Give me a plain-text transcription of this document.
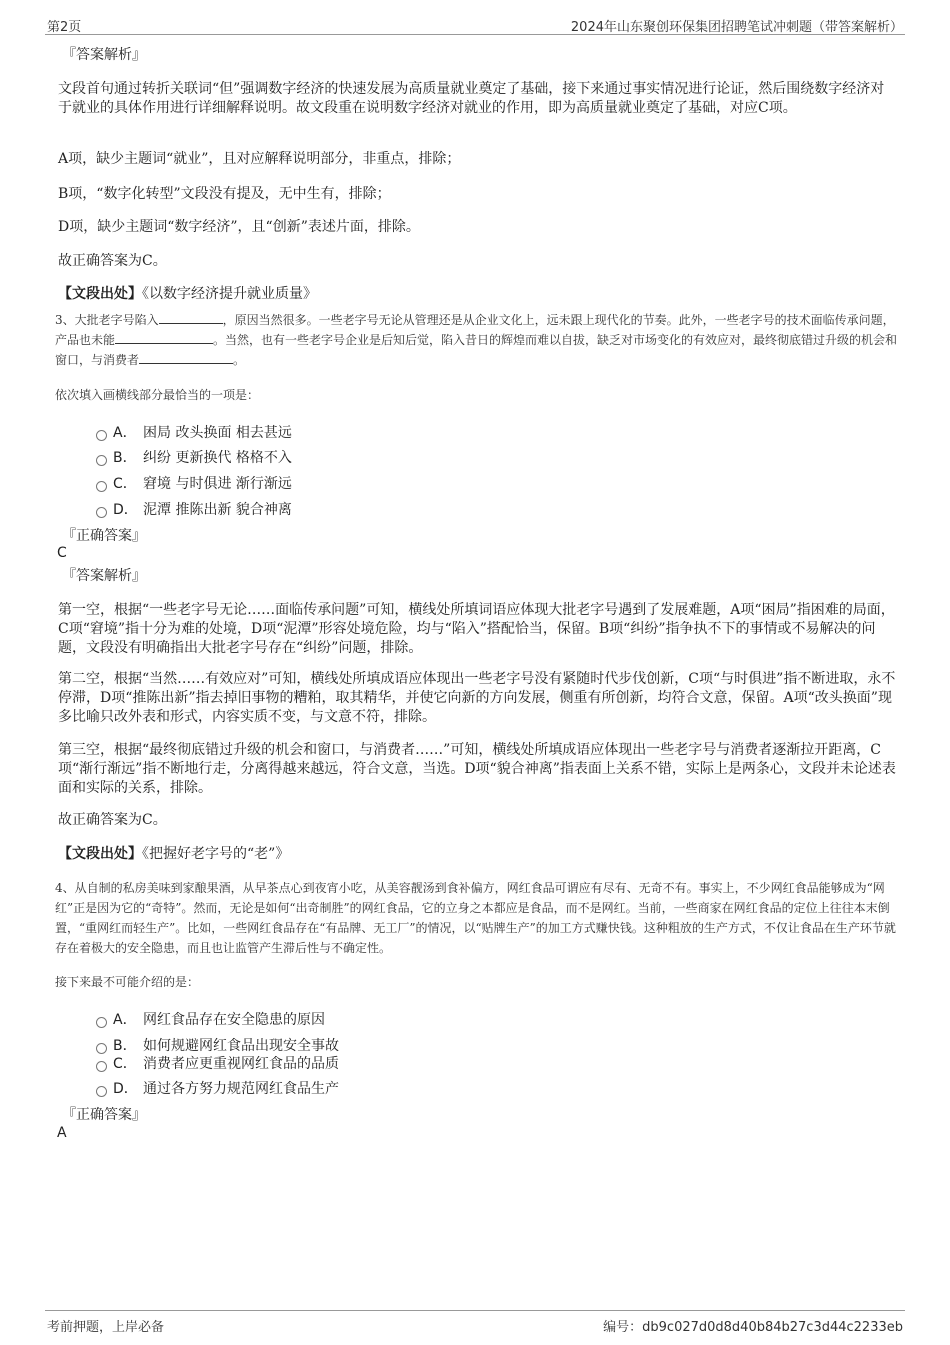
第2页	2024年山东聚创环保集团招聘笔试冲刺题（带答案解析）

『答案解析』

文段首句通过转折关联词“但”强调数字经济的快速发展为高质量就业奠定了基础，接下来通过事实情况进行论证，然后围绕数字经济对于就业的具体作用进行详细解释说明。故文段重在说明数字经济对就业的作用，即为高质量就业奠定了基础，对应C项。

A项，缺少主题词“就业”，且对应解释说明部分，非重点，排除；

B项，“数字化转型”文段没有提及，无中生有，排除；

D项，缺少主题词“数字经济”，且“创新”表述片面，排除。

故正确答案为C。

【文段出处】《以数字经济提升就业质量》

3、大批老字号陷入	，原因当然很多。一些老字号无论从管理还是从企业文化上，远未跟上现代化的节奏。此外，一些老字号的技术面临传承问题，产品也未能	。当然，也有一些老字号企业是后知后觉，陷入昔日的辉煌而难以自拔，缺乏对市场变化的有效应对，最终彻底错过升级的机会和窗口，与消费者	。

依次填入画横线部分最恰当的一项是：

A． 困局 改头换面 相去甚远
B． 纠纷 更新换代 格格不入
C． 窘境 与时俱进 渐行渐远
D． 泥潭 推陈出新 貌合神离

『正确答案』

C

『答案解析』

第一空，根据“一些老字号无论……面临传承问题”可知，横线处所填词语应体现大批老字号遇到了发展难题，A项“困局”指困难的局面，C项“窘境”指十分为难的处境，D项“泥潭”形容处境危险，均与“陷入”搭配恰当，保留。B项“纠纷”指争执不下的事情或不易解决的问题，文段没有明确指出大批老字号存在“纠纷”问题，排除。

第二空，根据“当然……有效应对”可知，横线处所填成语应体现出一些老字号没有紧随时代步伐创新，C项“与时俱进”指不断进取，永不停滞，D项“推陈出新”指去掉旧事物的糟粕，取其精华，并使它向新的方向发展，侧重有所创新，均符合文意，保留。A项“改头换面”现多比喻只改外表和形式，内容实质不变，与文意不符，排除。

第三空，根据“最终彻底错过升级的机会和窗口，与消费者……”可知，横线处所填成语应体现出一些老字号与消费者逐渐拉开距离，C项“渐行渐远”指不断地行走，分离得越来越远，符合文意，当选。D项“貌合神离”指表面上关系不错，实际上是两条心，文段并未论述表面和实际的关系，排除。

故正确答案为C。

【文段出处】《把握好老字号的“老”》

4、从自制的私房美味到家酿果酒，从早茶点心到夜宵小吃，从美容靓汤到食补偏方，网红食品可谓应有尽有、无奇不有。事实上，不少网红食品能够成为“网红”正是因为它的“奇特”。然而，无论是如何“出奇制胜”的网红食品，它的立身之本都应是食品，而不是网红。当前，一些商家在网红食品的定位上往往本末倒置，“重网红而轻生产”。比如，一些网红食品存在“有品牌、无工厂”的情况，以“贴牌生产”的加工方式赚快钱。这种粗放的生产方式，不仅让食品在生产环节就存在着极大的安全隐患，而且也让监管产生滞后性与不确定性。

接下来最不可能介绍的是：

A． 网红食品存在安全隐患的原因
B． 如何规避网红食品出现安全事故
C． 消费者应更重视网红食品的品质
D． 通过各方努力规范网红食品生产

『正确答案』

A
考前押题，上岸必备	编号：db9c027d0d8d40b84b27c3d44c2233eb
